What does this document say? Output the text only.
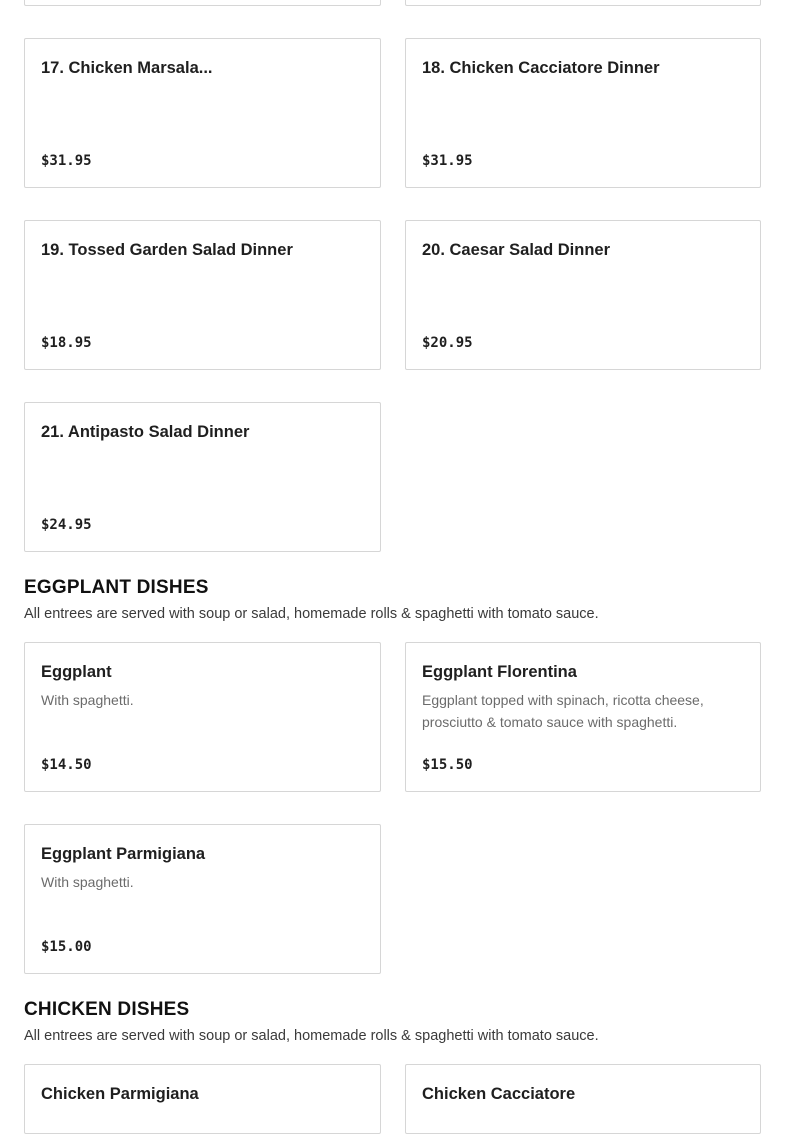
17. Chicken Marsala...
$31.95
18. Chicken Cacciatore Dinner
$31.95
19. Tossed Garden Salad Dinner
$18.95
20. Caesar Salad Dinner
$20.95
21. Antipasto Salad Dinner
$24.95
EGGPLANT DISHES
All entrees are served with soup or salad, homemade rolls & spaghetti with tomato sauce.
Eggplant
With spaghetti.
$14.50
Eggplant Florentina
Eggplant topped with spinach, ricotta cheese, prosciutto & tomato sauce with spaghetti.
$15.50
Eggplant Parmigiana
With spaghetti.
$15.00
CHICKEN DISHES
All entrees are served with soup or salad, homemade rolls & spaghetti with tomato sauce.
Chicken Parmigiana	Chicken Cacciatore
